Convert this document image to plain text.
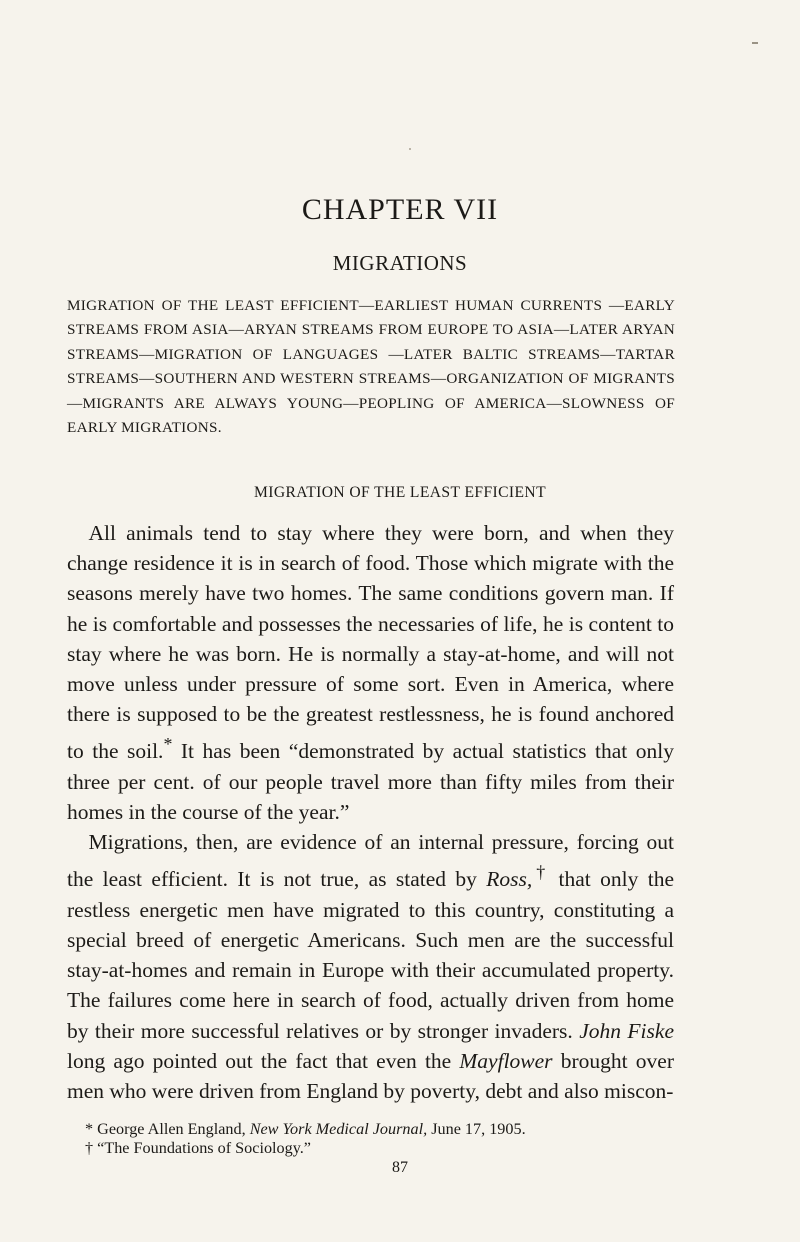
CHAPTER VII
MIGRATIONS
MIGRATION OF THE LEAST EFFICIENT—EARLIEST HUMAN CURRENTS —EARLY STREAMS FROM ASIA—ARYAN STREAMS FROM EUROPE TO ASIA—LATER ARYAN STREAMS—MIGRATION OF LANGUAGES —LATER BALTIC STREAMS—TARTAR STREAMS—SOUTHERN AND WESTERN STREAMS—ORGANIZATION OF MIGRANTS—MIGRANTS ARE ALWAYS YOUNG—PEOPLING OF AMERICA—SLOWNESS OF EARLY MIGRATIONS.
MIGRATION OF THE LEAST EFFICIENT

 All animals tend to stay where they were born, and when they change residence it is in search of food. Those which migrate with the seasons merely have two homes. The same conditions govern man. If he is comfortable and possesses the necessaries of life, he is content to stay where he was born. He is normally a stay-at-home, and will not move unless under pressure of some sort. Even in America, where there is supposed to be the greatest restlessness, he is found anchored to the soil.* It has been “demonstrated by actual statistics that only three per cent. of our people travel more than fifty miles from their homes in the course of the year.”

 Migrations, then, are evidence of an internal pressure, forcing out the least efficient. It is not true, as stated by Ross,† that only the restless energetic men have migrated to this country, constituting a special breed of energetic Americans. Such men are the successful stay-at-homes and remain in Europe with their accumulated property. The failures come here in search of food, actually driven from home by their more successful relatives or by stronger invaders. John Fiske long ago pointed out the fact that even the Mayflower brought over men who were driven from England by poverty, debt and also miscon-

* George Allen England, New York Medical Journal, June 17, 1905.
† “The Foundations of Sociology.”
87
